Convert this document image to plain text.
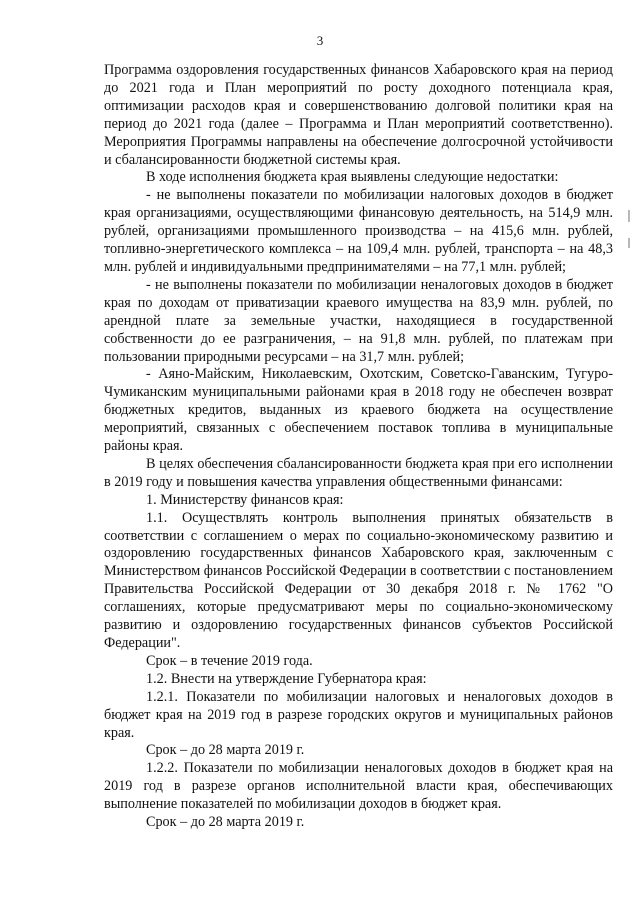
3

Программа оздоровления государственных финансов Хабаровского края на период до 2021 года и План мероприятий по росту доходного потенциала края, оптимизации расходов края и совершенствованию долговой политики края на период до 2021 года (далее – Программа и План мероприятий соответственно). Мероприятия Программы направлены на обеспечение долгосрочной устойчивости и сбалансированности бюджетной системы края.

В ходе исполнения бюджета края выявлены следующие недостатки:

- не выполнены показатели по мобилизации налоговых доходов в бюджет края организациями, осуществляющими финансовую деятельность, на 514,9 млн. рублей, организациями промышленного производства – на 415,6 млн. рублей, топливно-энергетического комплекса – на 109,4 млн. рублей, транспорта – на 48,3 млн. рублей и индивидуальными предпринимателями – на 77,1 млн. рублей;

- не выполнены показатели по мобилизации неналоговых доходов в бюджет края по доходам от приватизации краевого имущества на 83,9 млн. рублей, по арендной плате за земельные участки, находящиеся в государственной собственности до ее разграничения, – на 91,8 млн. рублей, по платежам при пользовании природными ресурсами – на 31,7 млн. рублей;

- Аяно-Майским, Николаевским, Охотским, Советско-Гаванским, Тугуро-Чумиканским муниципальными районами края в 2018 году не обеспечен возврат бюджетных кредитов, выданных из краевого бюджета на осуществление мероприятий, связанных с обеспечением поставок топлива в муниципальные районы края.

В целях обеспечения сбалансированности бюджета края при его исполнении в 2019 году и повышения качества управления общественными финансами:

1. Министерству финансов края:

1.1. Осуществлять контроль выполнения принятых обязательств в соответствии с соглашением о мерах по социально-экономическому развитию и оздоровлению государственных финансов Хабаровского края, заключенным с Министерством финансов Российской Федерации в соответствии с постановлением Правительства Российской Федерации от 30 декабря 2018 г. № 1762 "О соглашениях, которые предусматривают меры по социально-экономическому развитию и оздоровлению государственных финансов субъектов Российской Федерации".

Срок – в течение 2019 года.

1.2. Внести на утверждение Губернатора края:

1.2.1. Показатели по мобилизации налоговых и неналоговых доходов в бюджет края на 2019 год в разрезе городских округов и муниципальных районов края.

Срок – до 28 марта 2019 г.

1.2.2. Показатели по мобилизации неналоговых доходов в бюджет края на 2019 год в разрезе органов исполнительной власти края, обеспечивающих выполнение показателей по мобилизации доходов в бюджет края.

Срок – до 28 марта 2019 г.
